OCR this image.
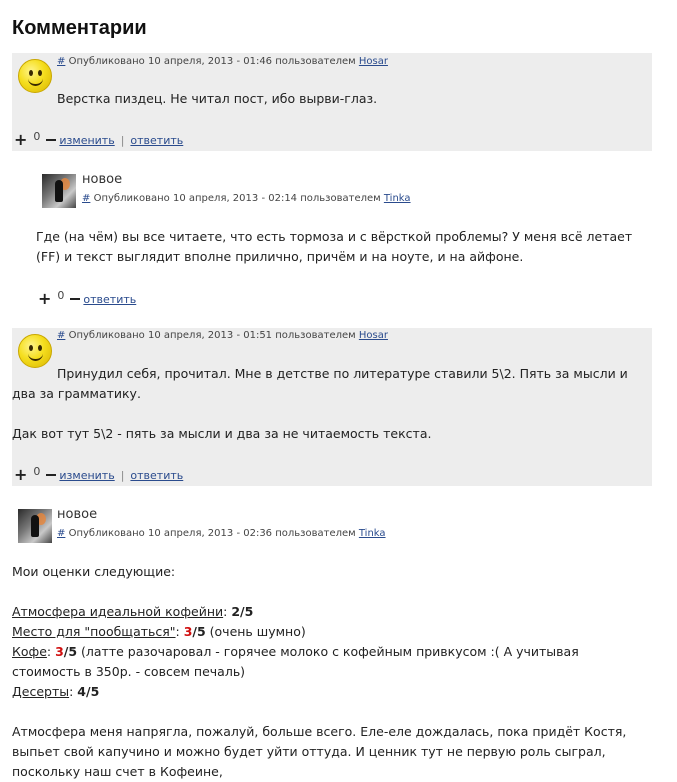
Комментарии
# Опубликовано 10 апреля, 2013 - 01:46 пользователем Hosar

Верстка пиздец. Не читал пост, ибо вырви-глаз.

+ 0 изменить | ответить
новое
# Опубликовано 10 апреля, 2013 - 02:14 пользователем Tinka

Где (на чём) вы все читаете, что есть тормоза и с вёрсткой проблемы? У меня всё летает (FF) и текст выглядит вполне прилично, причём и на ноуте, и на айфоне.

+ 0 ответить
# Опубликовано 10 апреля, 2013 - 01:51 пользователем Hosar

Принудил себя, прочитал. Мне в детстве по литературе ставили 5\2. Пять за мысли и два за грамматику.

Дак вот тут 5\2 - пять за мысли и два за не читаемость текста.

+ 0 изменить | ответить
новое
# Опубликовано 10 апреля, 2013 - 02:36 пользователем Tinka

Мои оценки следующие:

Атмосфера идеальной кофейни: 2/5

Место для "пообщаться": 3/5 (очень шумно)

Кофе: 3/5 (латте разочаровал - горячее молоко с кофейным привкусом :( А учитывая стоимость в 350р. - совсем печаль)

Десерты: 4/5

Атмосфера меня напрягла, пожалуй, больше всего. Еле-еле дождалась, пока придёт Костя, выпьет свой капучино и можно будет уйти оттуда. И ценник тут не первую роль сыграл, поскольку наш счет в Кофеине,
